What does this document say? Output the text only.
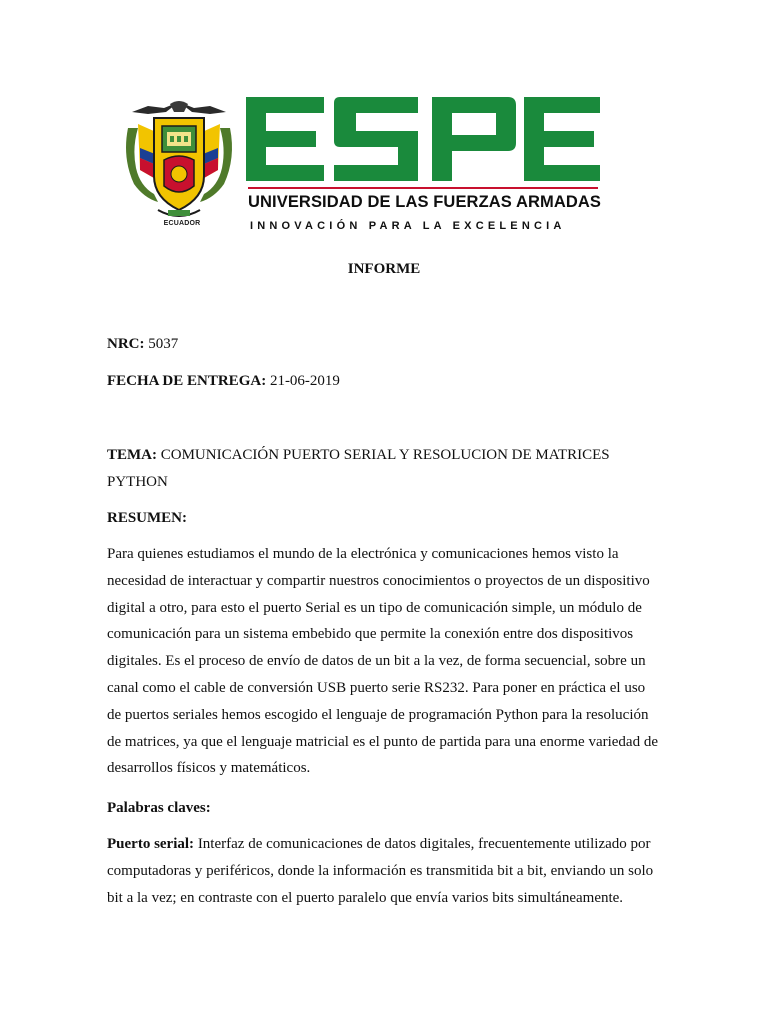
ECUADOR
UNIVERSIDAD DE LAS FUERZAS ARMADAS
INNOVACIÓN PARA LA EXCELENCIA
INFORME
NRC: 5037
FECHA DE ENTREGA: 21-06-2019
TEMA: COMUNICACIÓN PUERTO SERIAL Y RESOLUCION DE MATRICES
PYTHON
RESUMEN:
Para quienes estudiamos el mundo de la electrónica y comunicaciones hemos visto la
necesidad de interactuar y compartir nuestros conocimientos o proyectos de un dispositivo
digital a otro, para esto el puerto Serial es un tipo de comunicación simple, un módulo de
comunicación para un sistema embebido que permite la conexión entre dos dispositivos
digitales. Es el proceso de envío de datos de un bit a la vez, de forma secuencial, sobre un
canal como el cable de conversión USB puerto serie RS232. Para poner en práctica el uso
de puertos seriales hemos escogido el lenguaje de programación Python para la resolución
de matrices, ya que el lenguaje matricial es el punto de partida para una enorme variedad de
desarrollos físicos y matemáticos.
Palabras claves:
Puerto serial: Interfaz de comunicaciones de datos digitales, frecuentemente utilizado por
computadoras y periféricos, donde la información es transmitida bit a bit, enviando un solo
bit a la vez; en contraste con el puerto paralelo que envía varios bits simultáneamente.
